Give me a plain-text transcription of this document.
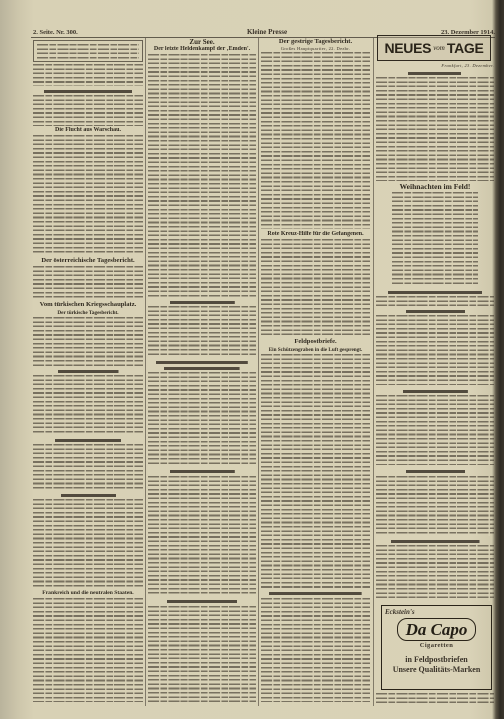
2. Seite. Nr. 300.	Kleine Presse	23. Dezember 1914.
Die Flucht aus Warschau.
Der österreichische Tagesbericht.
Vom türkischen Kriegsschauplatz.
Der türkische Tagesbericht.
Frankreich und die neutralen Staaten.
Zur See.
Der letzte Heldenkampf der ‚Emden'.
Der gestrige Tagesbericht.
Großes Hauptquartier, 22. Dezbr.
Rote Kreuz-Hilfe für die Gefangenen.
Feldpostbriefe.
Ein Schützengraben in die Luft gesprengt.
NEUES vom TAGE
Frankfurt, 23. Dezember.
Weihnachten im Feld!
Eckstein's
Da Capo
Cigaretten
in Feldpostbriefen
Unsere Qualitäts-Marken
